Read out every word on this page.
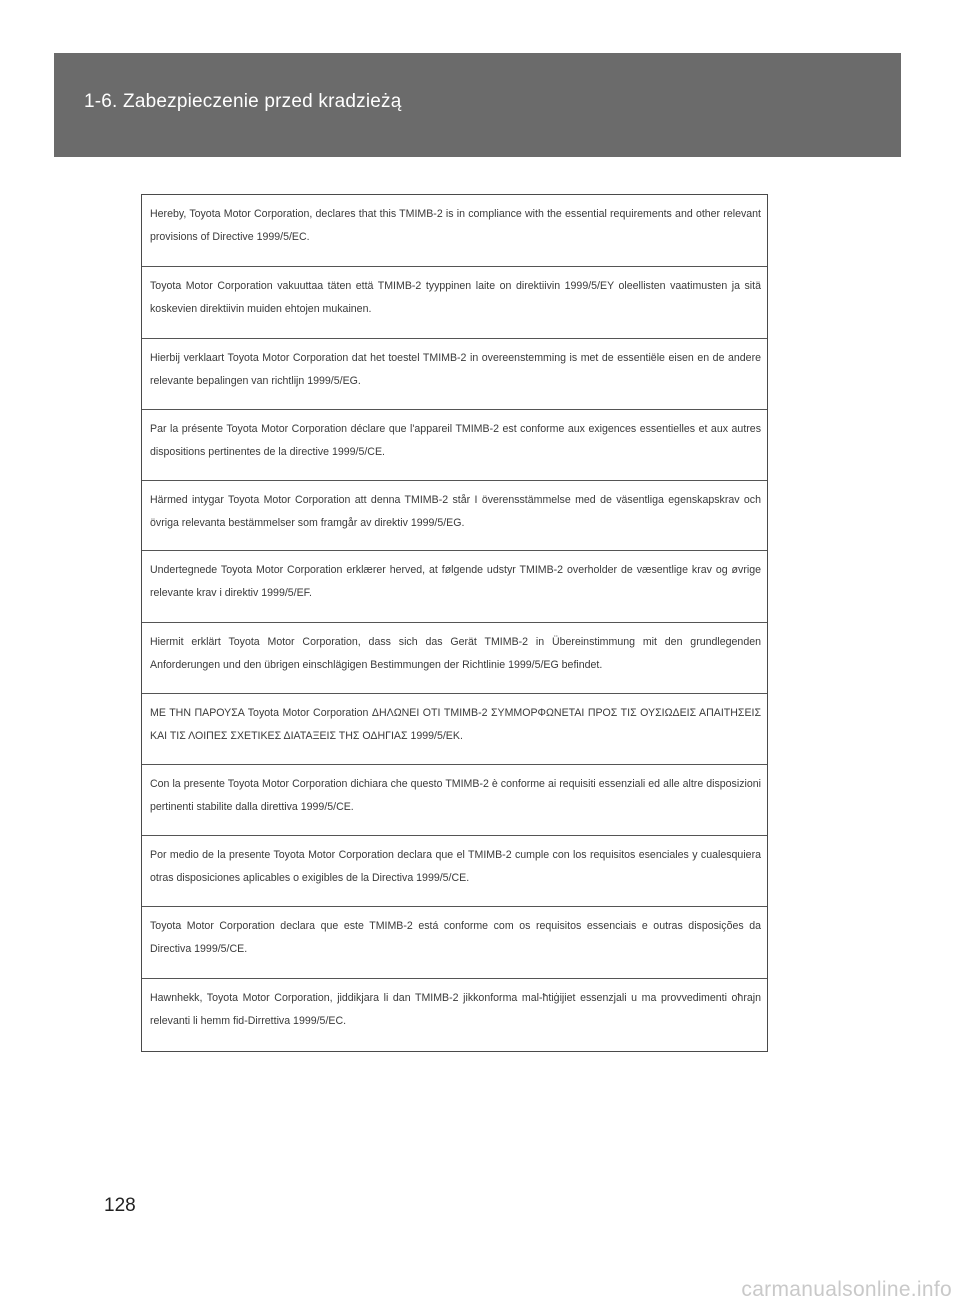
1-6. Zabezpieczenie przed kradzieżą

Hereby, Toyota Motor Corporation, declares that this TMIMB-2 is in compliance with the essential requirements and other relevant provisions of Directive 1999/5/EC.

Toyota Motor Corporation vakuuttaa täten että TMIMB-2 tyyppinen laite on direktiivin 1999/5/EY oleellisten vaatimusten ja sitä koskevien direktiivin muiden ehtojen mukainen.

Hierbij verklaart Toyota Motor Corporation dat het toestel TMIMB-2 in overeenstemming is met de essentiële eisen en de andere relevante bepalingen van richtlijn 1999/5/EG.

Par la présente Toyota Motor Corporation déclare que l'appareil TMIMB-2 est conforme aux exigences essentielles et aux autres dispositions pertinentes de la directive 1999/5/CE.

Härmed intygar Toyota Motor Corporation att denna TMIMB-2 står I överensstämmelse med de väsentliga egenskapskrav och övriga relevanta bestämmelser som framgår av direktiv 1999/5/EG.

Undertegnede Toyota Motor Corporation erklærer herved, at følgende udstyr TMIMB-2 overholder de væsentlige krav og øvrige relevante krav i direktiv 1999/5/EF.

Hiermit erklärt Toyota Motor Corporation, dass sich das Gerät TMIMB-2 in Übereinstimmung mit den grundlegenden Anforderungen und den übrigen einschlägigen Bestimmungen der Richtlinie 1999/5/EG befindet.

ΜΕ ΤΗΝ ΠΑΡΟΥΣΑ Toyota Motor Corporation ΔΗΛΩΝΕΙ ΟΤΙ TMIMB-2 ΣΥΜΜΟΡΦΩΝΕΤΑΙ ΠΡΟΣ ΤΙΣ ΟΥΣΙΩΔΕΙΣ ΑΠΑΙΤΗΣΕΙΣ ΚΑΙ ΤΙΣ ΛΟΙΠΕΣ ΣΧΕΤΙΚΕΣ ΔΙΑΤΑΞΕΙΣ ΤΗΣ ΟΔΗΓΙΑΣ 1999/5/ΕΚ.

Con la presente Toyota Motor Corporation dichiara che questo TMIMB-2 è conforme ai requisiti essenziali ed alle altre disposizioni pertinenti stabilite dalla direttiva 1999/5/CE.

Por medio de la presente Toyota Motor Corporation declara que el TMIMB-2 cumple con los requisitos esenciales y cualesquiera otras disposiciones aplicables o exigibles de la Directiva 1999/5/CE.

Toyota Motor Corporation declara que este TMIMB-2 está conforme com os requisitos essenciais e outras disposições da Directiva 1999/5/CE.

Hawnhekk, Toyota Motor Corporation, jiddikjara li dan TMIMB-2 jikkonforma mal-ħtiġijiet essenzjali u ma provvedimenti oħrajn relevanti li hemm fid-Dirrettiva 1999/5/EC.

128
carmanualsonline.info
